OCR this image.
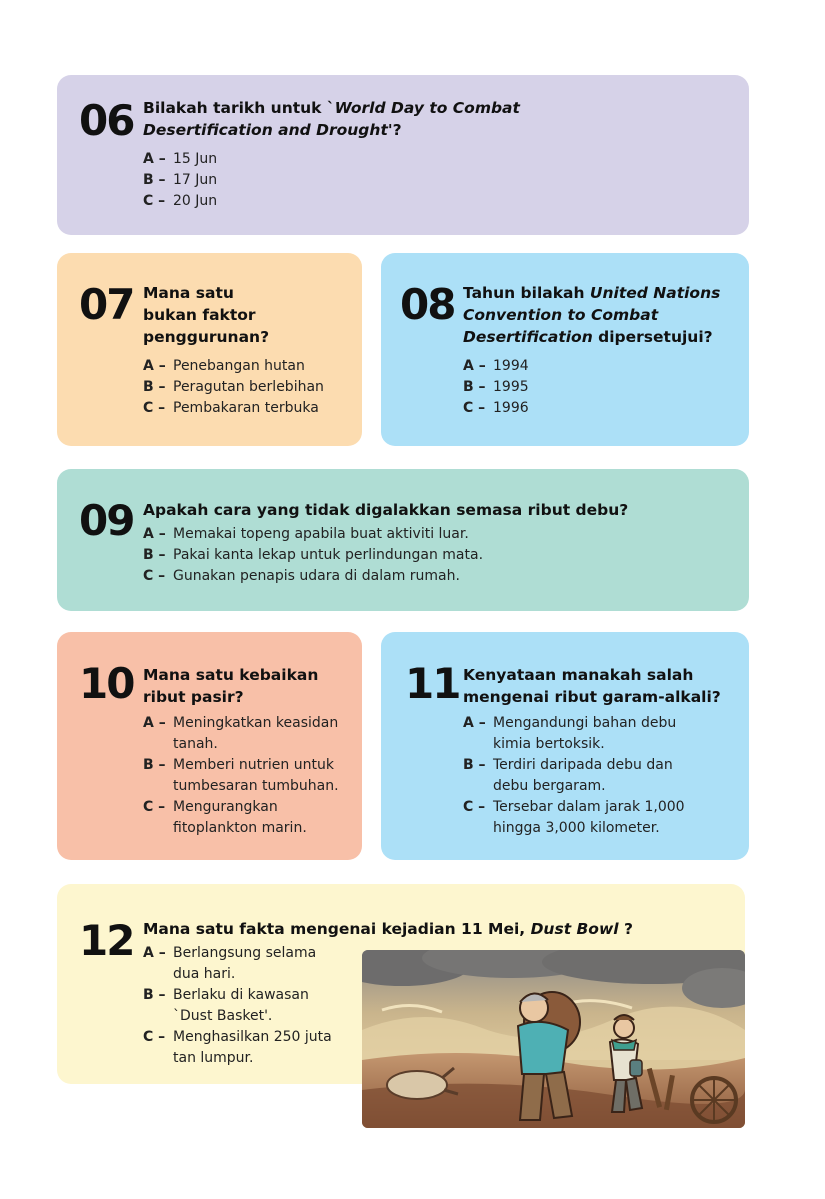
06 Bilakah tarikh untuk `World Day to Combat Desertification and Drought'?
A – 15 Jun
B – 17 Jun
C – 20 Jun
07 Mana satu
bukan faktor
penggurunan?
A – Penebangan hutan
B – Peragutan berlebihan
C – Pembakaran terbuka
08 Tahun bilakah United Nations Convention to Combat Desertification dipersetujui?
A – 1994
B – 1995
C – 1996
09 Apakah cara yang tidak digalakkan semasa ribut debu?
A – Memakai topeng apabila buat aktiviti luar.
B – Pakai kanta lekap untuk perlindungan mata.
C – Gunakan penapis udara di dalam rumah.
10 Mana satu kebaikan
ribut pasir?
A – Meningkatkan keasidan tanah.
B – Memberi nutrien untuk tumbesaran tumbuhan.
C – Mengurangkan fitoplankton marin.
11 Kenyataan manakah salah
mengenai ribut garam-alkali?
A – Mengandungi bahan debu kimia bertoksik.
B – Terdiri daripada debu dan debu bergaram.
C – Tersebar dalam jarak 1,000 hingga 3,000 kilometer.
12 Mana satu fakta mengenai kejadian 11 Mei, Dust Bowl ?
A – Berlangsung selama dua hari.
B – Berlaku di kawasan `Dust Basket'.
C – Menghasilkan 250 juta tan lumpur.
